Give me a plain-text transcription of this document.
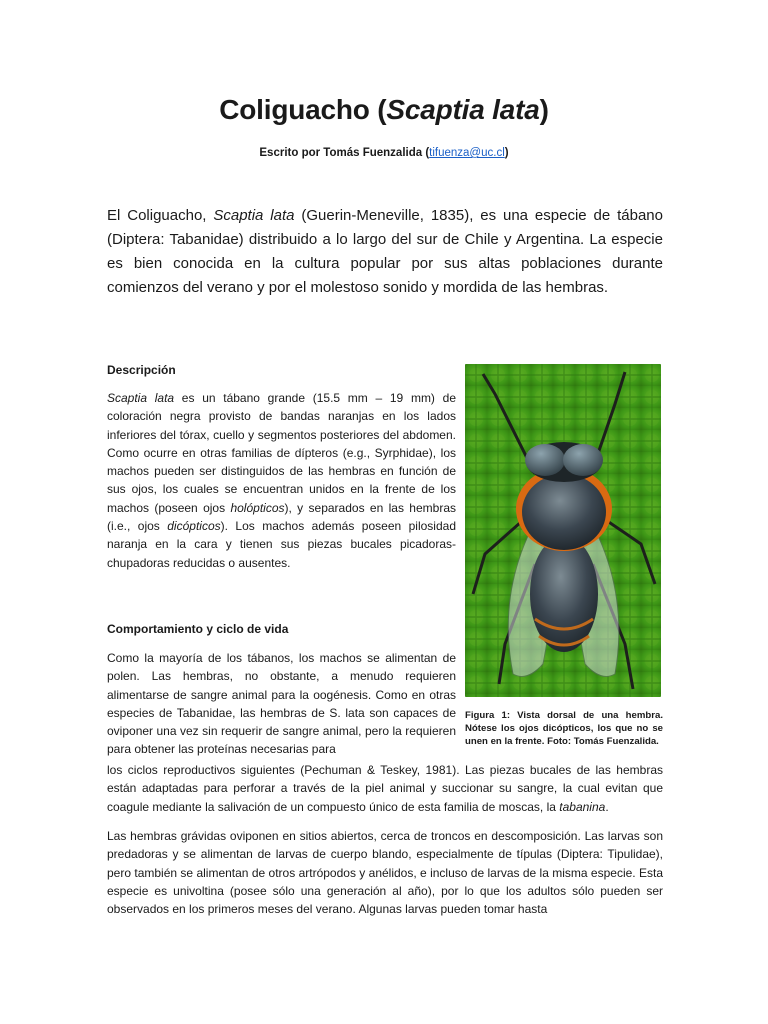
Coliguacho (Scaptia lata)
Escrito por Tomás Fuenzalida (tifuenza@uc.cl)

El Coliguacho, Scaptia lata (Guerin-Meneville, 1835), es una especie de tábano (Diptera: Tabanidae) distribuido a lo largo del sur de Chile y Argentina. La especie es bien conocida en la cultura popular por sus altas poblaciones durante comienzos del verano y por el molestoso sonido y mordida de las hembras.

Descripción

Scaptia lata es un tábano grande (15.5 mm – 19 mm) de coloración negra provisto de bandas naranjas en los lados inferiores del tórax, cuello y segmentos posteriores del abdomen. Como ocurre en otras familias de dípteros (e.g., Syrphidae), los machos pueden ser distinguidos de las hembras en función de sus ojos, los cuales se encuentran unidos en la frente de los machos (poseen ojos holópticos), y separados en las hembras (i.e., ojos dicópticos). Los machos además poseen pilosidad naranja en la cara y tienen sus piezas bucales picadoras-chupadoras reducidas o ausentes.

Figura 1: Vista dorsal de una hembra. Nótese los ojos dicópticos, los que no se unen en la frente. Foto: Tomás Fuenzalida.

Comportamiento y ciclo de vida

Como la mayoría de los tábanos, los machos se alimentan de polen. Las hembras, no obstante, a menudo requieren alimentarse de sangre animal para la oogénesis. Como en otras especies de Tabanidae, las hembras de S. lata son capaces de oviponer una vez sin requerir de sangre animal, pero la requieren para obtener las proteínas necesarias para

los ciclos reproductivos siguientes (Pechuman & Teskey, 1981). Las piezas bucales de las hembras están adaptadas para perforar a través de la piel animal y succionar su sangre, la cual evitan que coagule mediante la salivación de un compuesto único de esta familia de moscas, la tabanina.

Las hembras grávidas oviponen en sitios abiertos, cerca de troncos en descomposición. Las larvas son predadoras y se alimentan de larvas de cuerpo blando, especialmente de típulas (Diptera: Tipulidae), pero también se alimentan de otros artrópodos y anélidos, e incluso de larvas de la misma especie. Esta especie es univoltina (posee sólo una generación al año), por lo que los adultos sólo pueden ser observados en los primeros meses del verano. Algunas larvas pueden tomar hasta
